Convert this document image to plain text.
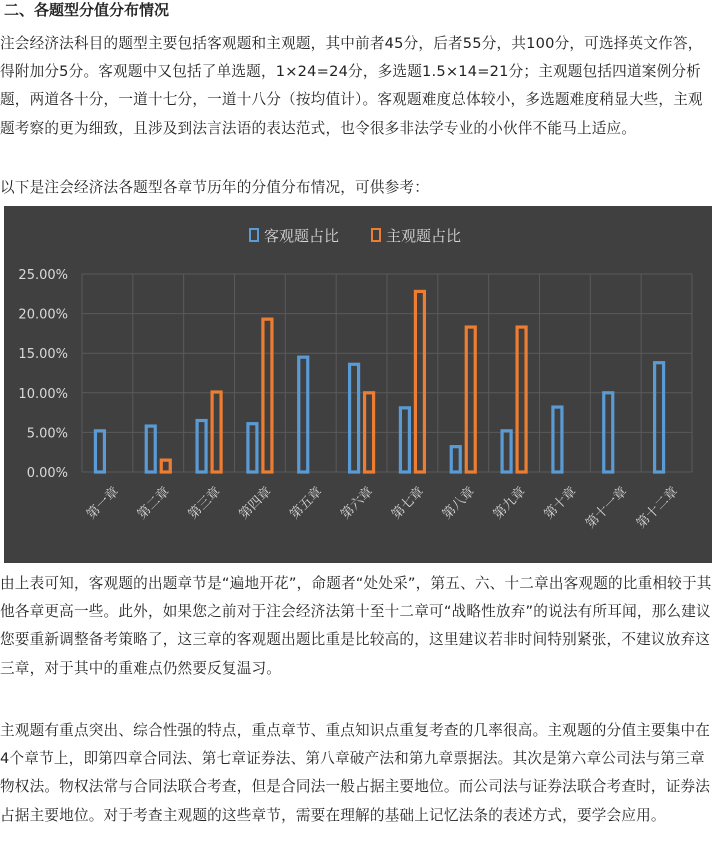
二、各题型分值分布情况
注会经济法科目的题型主要包括客观题和主观题，其中前者45分，后者55分，共100分，可选择英文作答，得附加分5分。客观题中又包括了单选题，1×24=24分，多选题1.5×14=21分；主观题包括四道案例分析题，两道各十分，一道十七分，一道十八分（按均值计）。客观题难度总体较小，多选题难度稍显大些，主观题考察的更为细致，且涉及到法言法语的表达范式，也令很多非法学专业的小伙伴不能马上适应。
以下是注会经济法各题型各章节历年的分值分布情况，可供参考：
客观题占比	主观题占比
0.00%
5.00%
10.00%
15.00%
20.00%
25.00%
第一章 第二章 第三章 第四章 第五章 第六章 第七章 第八章 第九章 第十章 第十一章 第十二章
由上表可知，客观题的出题章节是“遍地开花”，命题者“处处采”，第五、六、十二章出客观题的比重相较于其他各章更高一些。此外，如果您之前对于注会经济法第十至十二章可“战略性放弃”的说法有所耳闻，那么建议您要重新调整备考策略了，这三章的客观题出题比重是比较高的，这里建议若非时间特别紧张，不建议放弃这三章，对于其中的重难点仍然要反复温习。
主观题有重点突出、综合性强的特点，重点章节、重点知识点重复考查的几率很高。主观题的分值主要集中在4个章节上，即第四章合同法、第七章证券法、第八章破产法和第九章票据法。其次是第六章公司法与第三章物权法。物权法常与合同法联合考查，但是合同法一般占据主要地位。而公司法与证券法联合考查时，证券法占据主要地位。对于考查主观题的这些章节，需要在理解的基础上记忆法条的表述方式，要学会应用。
